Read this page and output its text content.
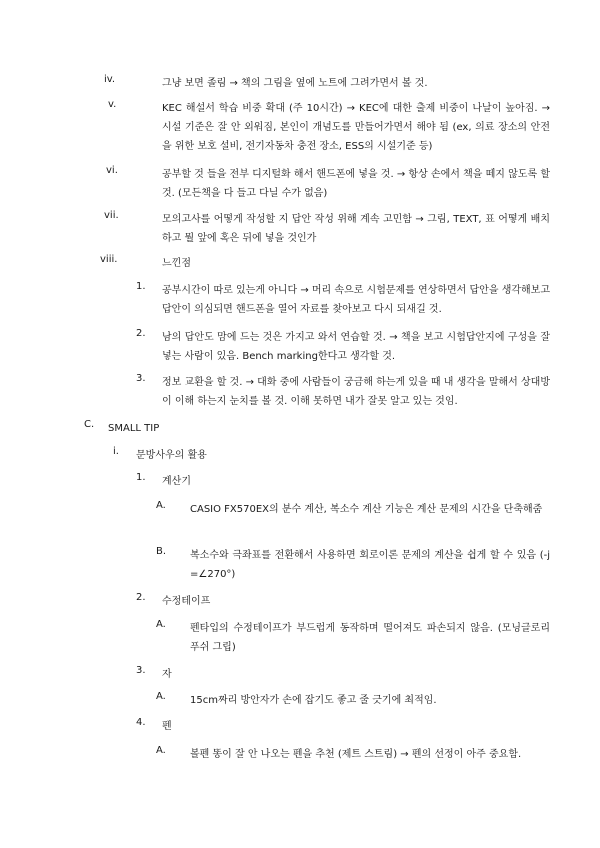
iv.	그냥 보면 졸림 → 책의 그림을 옆에 노트에 그려가면서 볼 것.
v.	KEC 해설서 학습 비중 확대 (주 10시간) → KEC에 대한 출제 비중이 나날이 높아짐. → 시설 기준은 잘 안 외워짐, 본인이 개념도를 만들어가면서 해야 됨 (ex, 의료 장소의 안전을 위한 보호 설비, 전기자동차 충전 장소, ESS의 시설기준 등)
vi.	공부할 것 들을 전부 디지털화 해서 핸드폰에 넣을 것. → 항상 손에서 책을 떼지 않도록 할 것. (모든책을 다 들고 다닐 수가 없음)
vii.	모의고사를 어떻게 작성할 지 답안 작성 위해 계속 고민함 → 그림, TEXT, 표 어떻게 배치하고 뭘 앞에 혹은 뒤에 넣을 것인가
viii.	느낀점
1. 공부시간이 따로 있는게 아니다 → 머리 속으로 시험문제를 연상하면서 답안을 생각해보고 답안이 의심되면 핸드폰을 열어 자료를 찾아보고 다시 되새길 것.
2. 남의 답안도 맘에 드는 것은 가지고 와서 연습할 것. → 책을 보고 시험답안지에 구성을 잘 넣는 사람이 있음. Bench marking한다고 생각할 것.
3. 정보 교환을 할 것. → 대화 중에 사람들이 궁금해 하는게 있을 때 내 생각을 말해서 상대방이 이해 하는지 눈치를 볼 것. 이해 못하면 내가 잘못 알고 있는 것임.
C. SMALL TIP
i. 문방사우의 활용
1. 계산기
A. CASIO FX570EX의 분수 계산, 복소수 계산 기능은 계산 문제의 시간을 단축해줌
B. 복소수와 극좌표를 전환해서 사용하면 회로이론 문제의 계산을 쉽게 할 수 있음 (-j =∠270°)
2. 수정테이프
A. 펜타입의 수정테이프가 부드럽게 동작하며 떨어져도 파손되지 않음. (모닝글로리 푸쉬 그립)
3. 자
A. 15cm짜리 방안자가 손에 잡기도 좋고 줄 긋기에 최적임.
4. 펜
A. 볼펜 똥이 잘 안 나오는 펜을 추천 (제트 스트림) → 펜의 선정이 아주 중요함.
